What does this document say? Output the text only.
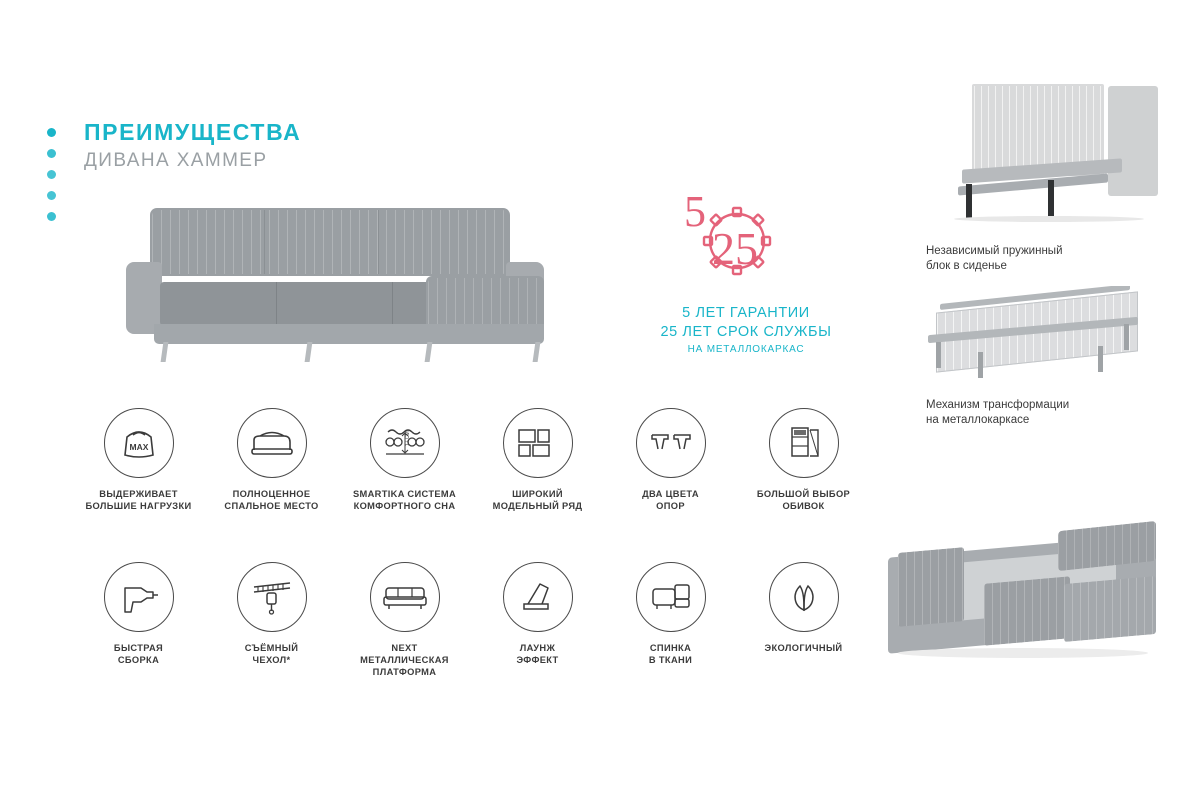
ПРЕИМУЩЕСТВА
ДИВАНА ХАММЕР
5
25
5 ЛЕТ ГАРАНТИИ
25 ЛЕТ СРОК СЛУЖБЫ
НА МЕТАЛЛОКАРКАС
MAX
ВЫДЕРЖИВАЕТ
БОЛЬШИЕ НАГРУЗКИ
ПОЛНОЦЕННОЕ
СПАЛЬНОЕ МЕСТО
17 СМ
SMARTIKA СИСТЕМА
КОМФОРТНОГО СНА
ШИРОКИЙ
МОДЕЛЬНЫЙ РЯД
ДВА ЦВЕТА
ОПОР
БОЛЬШОЙ ВЫБОР
ОБИВОК
БЫСТРАЯ
СБОРКА
СЪЁМНЫЙ
ЧЕХОЛ*
NEXT
МЕТАЛЛИЧЕСКАЯ
ПЛАТФОРМА
ЛАУНЖ
ЭФФЕКТ
СПИНКА
В ТКАНИ
ЭКОЛОГИЧНЫЙ
Независимый пружинный
блок в сиденье
Механизм трансформации
на металлокаркасе
